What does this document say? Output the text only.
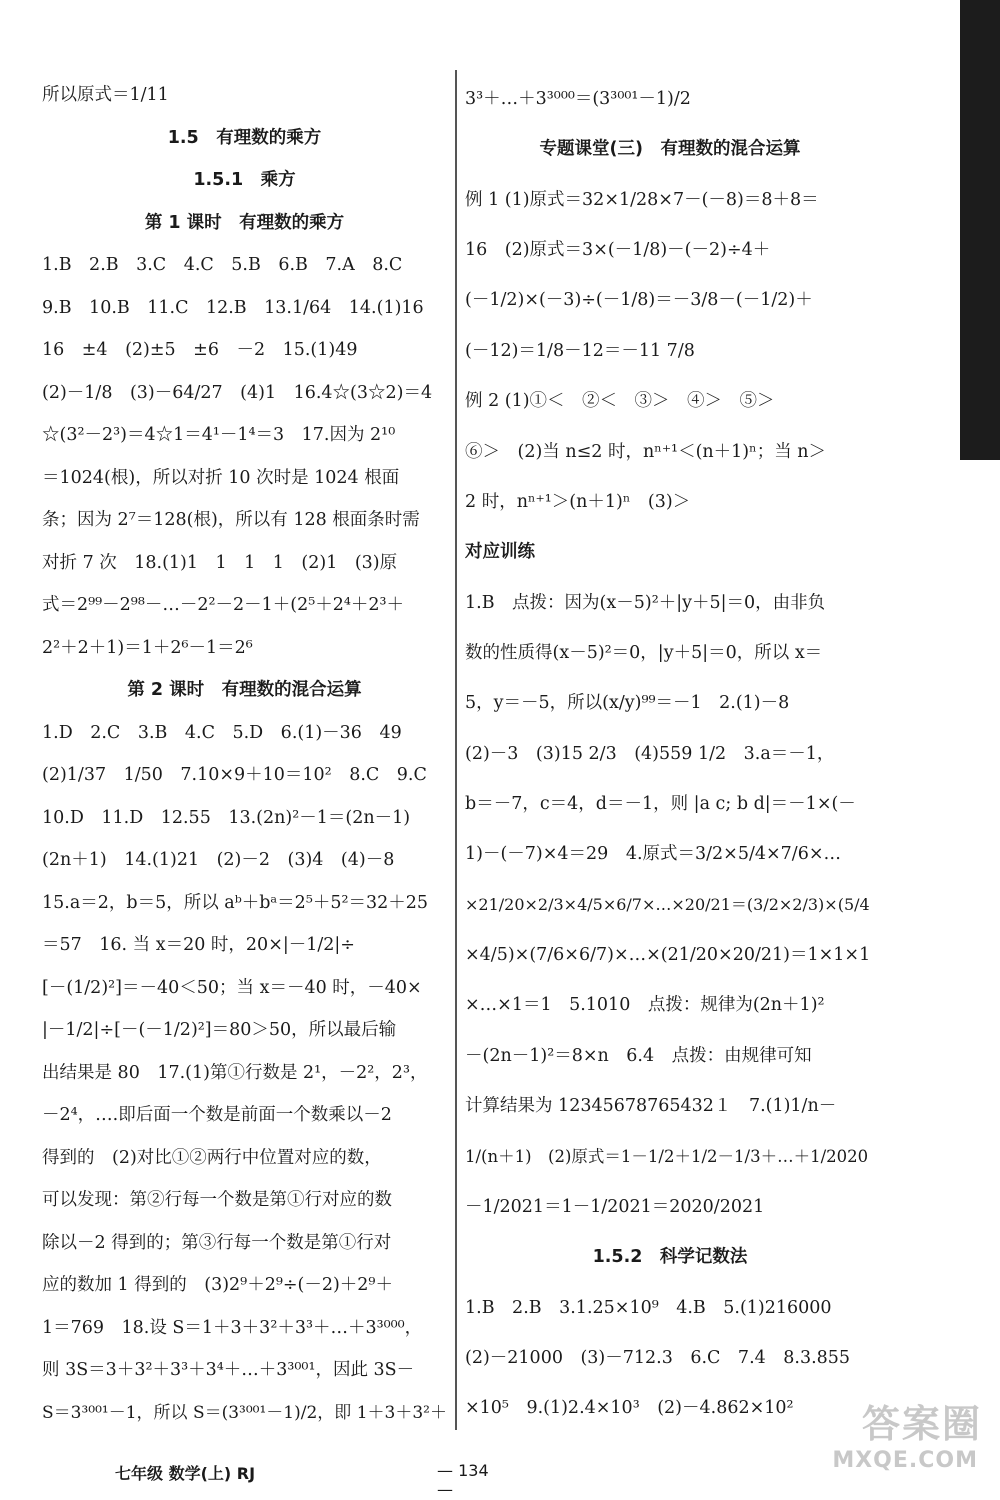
所以原式＝1/11

1.5　有理数的乘方

1.5.1　乘方

第 1 课时　有理数的乘方

1.B　2.B　3.C　4.C　5.B　6.B　7.A　8.C

9.B　10.B　11.C　12.B　13.1/64　14.(1)16

16　±4　(2)±5　±6　－2　15.(1)49

(2)－1/8　(3)－64/27　(4)1　16.4☆(3☆2)＝4

☆(3²－2³)＝4☆1＝4¹－1⁴＝3　17.因为 2¹⁰

＝1024(根)，所以对折 10 次时是 1024 根面

条；因为 2⁷＝128(根)，所以有 128 根面条时需

对折 7 次　18.(1)1　1　1　1　(2)1　(3)原

式＝2⁹⁹－2⁹⁸－…－2²－2－1＋(2⁵＋2⁴＋2³＋

2²＋2＋1)＝1＋2⁶－1＝2⁶

第 2 课时　有理数的混合运算

1.D　2.C　3.B　4.C　5.D　6.(1)－36　49

(2)1/37　1/50　7.10×9＋10＝10²　8.C　9.C

10.D　11.D　12.55　13.(2n)²－1＝(2n－1)

(2n＋1)　14.(1)21　(2)－2　(3)4　(4)－8

15.a＝2，b＝5，所以 aᵇ＋bᵃ＝2⁵＋5²＝32＋25

＝57　16. 当 x＝20 时，20×|－1/2|÷

[－(1/2)²]＝－40＜50；当 x＝－40 时，－40×

|－1/2|÷[－(－1/2)²]＝80＞50，所以最后输

出结果是 80　17.(1)第①行数是 2¹，－2²，2³，

－2⁴，….即后面一个数是前面一个数乘以－2

得到的　(2)对比①②两行中位置对应的数，

可以发现：第②行每一个数是第①行对应的数

除以－2 得到的；第③行每一个数是第①行对

应的数加 1 得到的　(3)2⁹＋2⁹÷(－2)＋2⁹＋

1＝769　18.设 S＝1＋3＋3²＋3³＋…＋3³⁰⁰⁰，

则 3S＝3＋3²＋3³＋3⁴＋…＋3³⁰⁰¹，因此 3S－

S＝3³⁰⁰¹－1，所以 S＝(3³⁰⁰¹－1)/2，即 1＋3＋3²＋

3³＋…＋3³⁰⁰⁰＝(3³⁰⁰¹－1)/2

专题课堂(三)　有理数的混合运算

例 1 (1)原式＝32×1/28×7－(－8)＝8＋8＝

16　(2)原式＝3×(－1/8)－(－2)÷4＋

(－1/2)×(－3)÷(－1/8)＝－3/8－(－1/2)＋

(－12)＝1/8－12＝－11 7/8

例 2 (1)①＜　②＜　③＞　④＞　⑤＞

⑥＞　(2)当 n≤2 时，nⁿ⁺¹＜(n＋1)ⁿ；当 n＞

2 时，nⁿ⁺¹＞(n＋1)ⁿ　(3)＞

对应训练

1.B　点拨：因为(x－5)²＋|y＋5|＝0，由非负

数的性质得(x－5)²＝0，|y＋5|＝0，所以 x＝

5，y＝－5，所以(x/y)⁹⁹＝－1　2.(1)－8

(2)－3　(3)15 2/3　(4)559 1/2　3.a＝－1，

b＝－7，c＝4，d＝－1，则 |a c; b d|＝－1×(－

1)－(－7)×4＝29　4.原式＝3/2×5/4×7/6×…

×21/20×2/3×4/5×6/7×…×20/21＝(3/2×2/3)×(5/4

×4/5)×(7/6×6/7)×…×(21/20×20/21)＝1×1×1

×…×1＝1　5.1010　点拨：规律为(2n＋1)²

－(2n－1)²＝8×n　6.4　点拨：由规律可知

计算结果为 12345678765432１　7.(1)1/n－

1/(n＋1)　(2)原式＝1－1/2＋1/2－1/3＋…＋1/2020

－1/2021＝1－1/2021＝2020/2021

1.5.2　科学记数法

1.B　2.B　3.1.25×10⁹　4.B　5.(1)216000

(2)－21000　(3)－712.3　6.C　7.4　8.3.855

×10⁵　9.(1)2.4×10³　(2)－4.862×10²

七年级 数学(上) RJ	— 134 —
答案圈
MXQE.COM
